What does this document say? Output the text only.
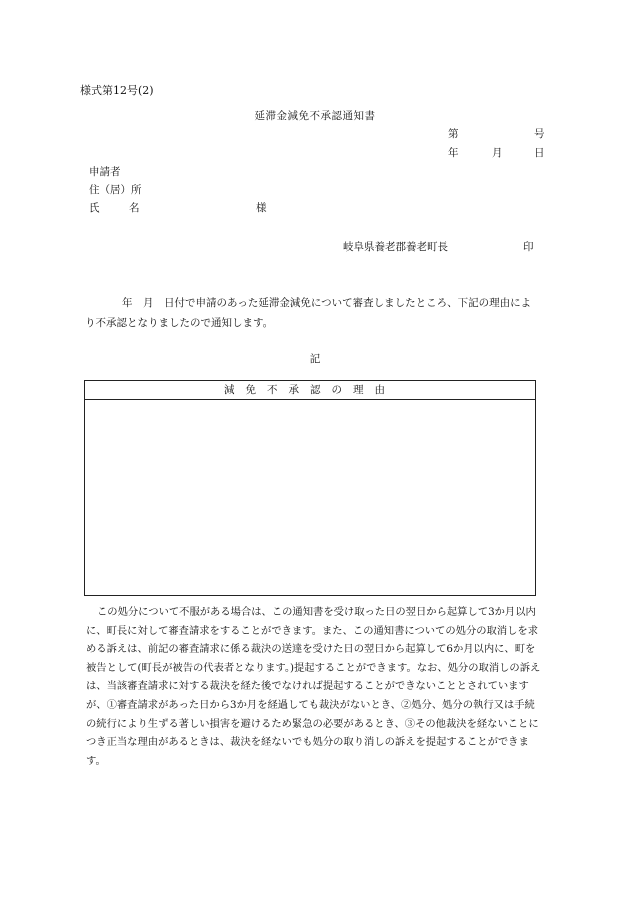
様式第12号(2)
延滞金減免不承認通知書
第	号
年	月	日
申請者
住（居）所
氏	名	様
岐阜県養老郡養老町長	印
年　月　日付で申請のあった延滞金減免について審査しましたところ、下記の理由により不承認となりましたので通知します。
記
減免不承認の理由
この処分について不服がある場合は、この通知書を受け取った日の翌日から起算して3か月以内に、町長に対して審査請求をすることができます。また、この通知書についての処分の取消しを求める訴えは、前記の審査請求に係る裁決の送達を受けた日の翌日から起算して6か月以内に、町を被告として(町長が被告の代表者となります。)提起することができます。なお、処分の取消しの訴えは、当該審査請求に対する裁決を経た後でなければ提起することができないこととされていますが、①審査請求があった日から3か月を経過しても裁決がないとき、②処分、処分の執行又は手続の続行により生ずる著しい損害を避けるため緊急の必要があるとき、③その他裁決を経ないことにつき正当な理由があるときは、裁決を経ないでも処分の取り消しの訴えを提起することができます。
